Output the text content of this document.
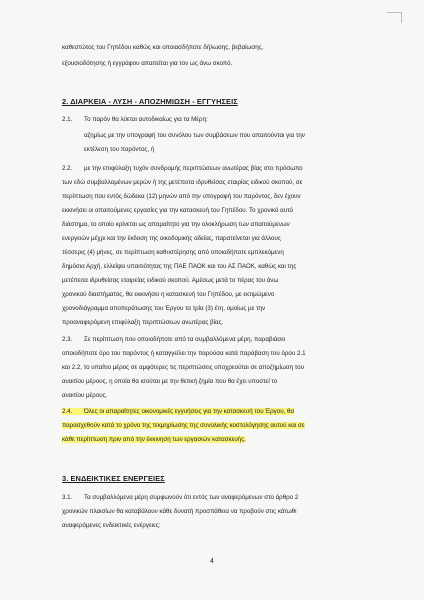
καθεστώτος του Γηπέδου καθώς και οποιασδήποτε δήλωσης, βεβαίωσης,
εξουσιοδότησης ή εγγράφου απαιτείται για τον ως άνω σκοπό.
2. ΔΙΑΡΚΕΙΑ - ΛΥΣΗ - ΑΠΟΖΗΜΙΩΣΗ - ΕΓΓΥΗΣΕΙΣ
2.1. Το παρόν θα λύεται αυτοδικαίως για τα Μέρη:
αζημίως με την υπογραφή του συνόλου των συμβάσεων που απαιτούνται για την
εκτέλεση του παρόντος, ή
2.2. με την επιφύλαξη τυχόν συνδρομής περιπτώσεων ανωτέρας βίας στο πρόσωπο
των εδώ συμβαλλομένων μερών ή της μετέπειτα ιδρυθείσας εταιρίας ειδικού σκοπού, σε
περίπτωση που εντός δώδεκα (12) μηνών από την υπογραφή του παρόντος, δεν έχουν
εκκινήσει οι απαιτούμενες εργασίες για την κατασκευή του Γηπέδου. Το χρονικό αυτό
διάστημα, το οποίο κρίνεται ως απαραίτητο για την ολοκλήρωση των απαιτούμενων
ενεργειών μέχρι και την έκδοση της οικοδομικής αδείας, παρατείνεται για άλλους
τέσσερις (4) μήνες, σε περίπτωση καθυστέρησης από οποιαδήποτε εμπλεκόμενη
δημόσια Αρχή, ελλείψει υπαιτιότητας της ΠΑΕ ΠΑΟΚ και του ΑΣ ΠΑΟΚ, καθώς και της
μετέπειτα ιδρυθείσας εταιρείας ειδικού σκοπού. Αμέσως μετά το πέρας του άνω
χρονικού διαστήματος, θα εκκινήσει η κατασκευή του Γηπέδου, με εκτιμώμενο
χρονοδιάγραμμα αποπεράτωσης του Έργου τα τρία (3) έτη, ομοίως με την
προαναφερόμενη επιφύλαξη περιπτώσεων ανωτέρας βίας.
2.3. Σε περίπτωση που οποιοδήποτε από τα συμβαλλόμενα μέρη, παραβιάσει
οποιοδήποτε όρο του παρόντος ή καταγγείλει την παρούσα κατά παράβαση του όρου 2.1
και 2.2, το υπαίτιο μέρος σε αμφότερες τις περιπτώσεις υποχρεούται σε αποζημίωση του
αναιτίου μέρους, η οποία θα ισούται με την θετική ζημία που θα έχει υποστεί το
αναιτίου μέρους.
2.4. Όλες οι απαραίτητες οικονομικές εγγυήσεις για την κατασκευή του Έργου, θα
παρασχεθούν κατά το χρόνο της τεκμηρίωσης της συνολικής κοστολόγησης αυτού και σε
κάθε περίπτωση πριν από την έκκινηση των εργασιών κατασκευής.
3. ΕΝΔΕΙΚΤΙΚΕΣ ΕΝΕΡΓΕΙΕΣ
3.1. Τα συμβαλλόμενα μέρη συμφωνούν ότι εντός των αναφερόμενων στο άρθρο 2
χρονικών πλαισίων θα καταβάλουν κάθε δυνατή προσπάθεια να προβούν στις κάτωθι
αναφερόμενες ενδεικτικές ενέργειες:
4
